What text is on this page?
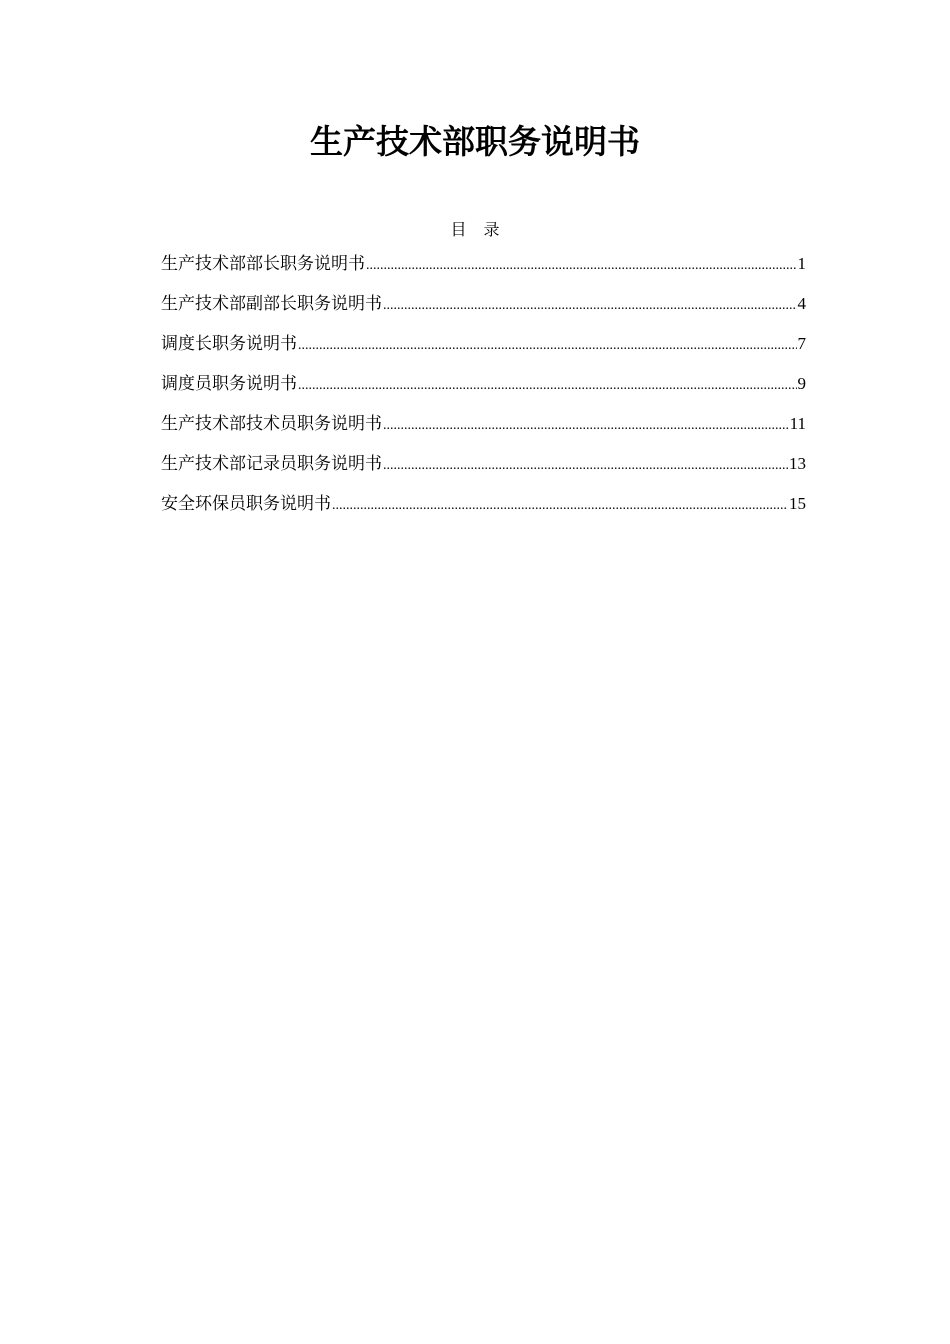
生产技术部职务说明书
目 录
生产技术部部长职务说明书 .....	1
生产技术部副部长职务说明书 .....	4
调度长职务说明书 .....	7
调度员职务说明书 .....	9
生产技术部技术员职务说明书 .....	11
生产技术部记录员职务说明书 .....	13
安全环保员职务说明书 .....	15
